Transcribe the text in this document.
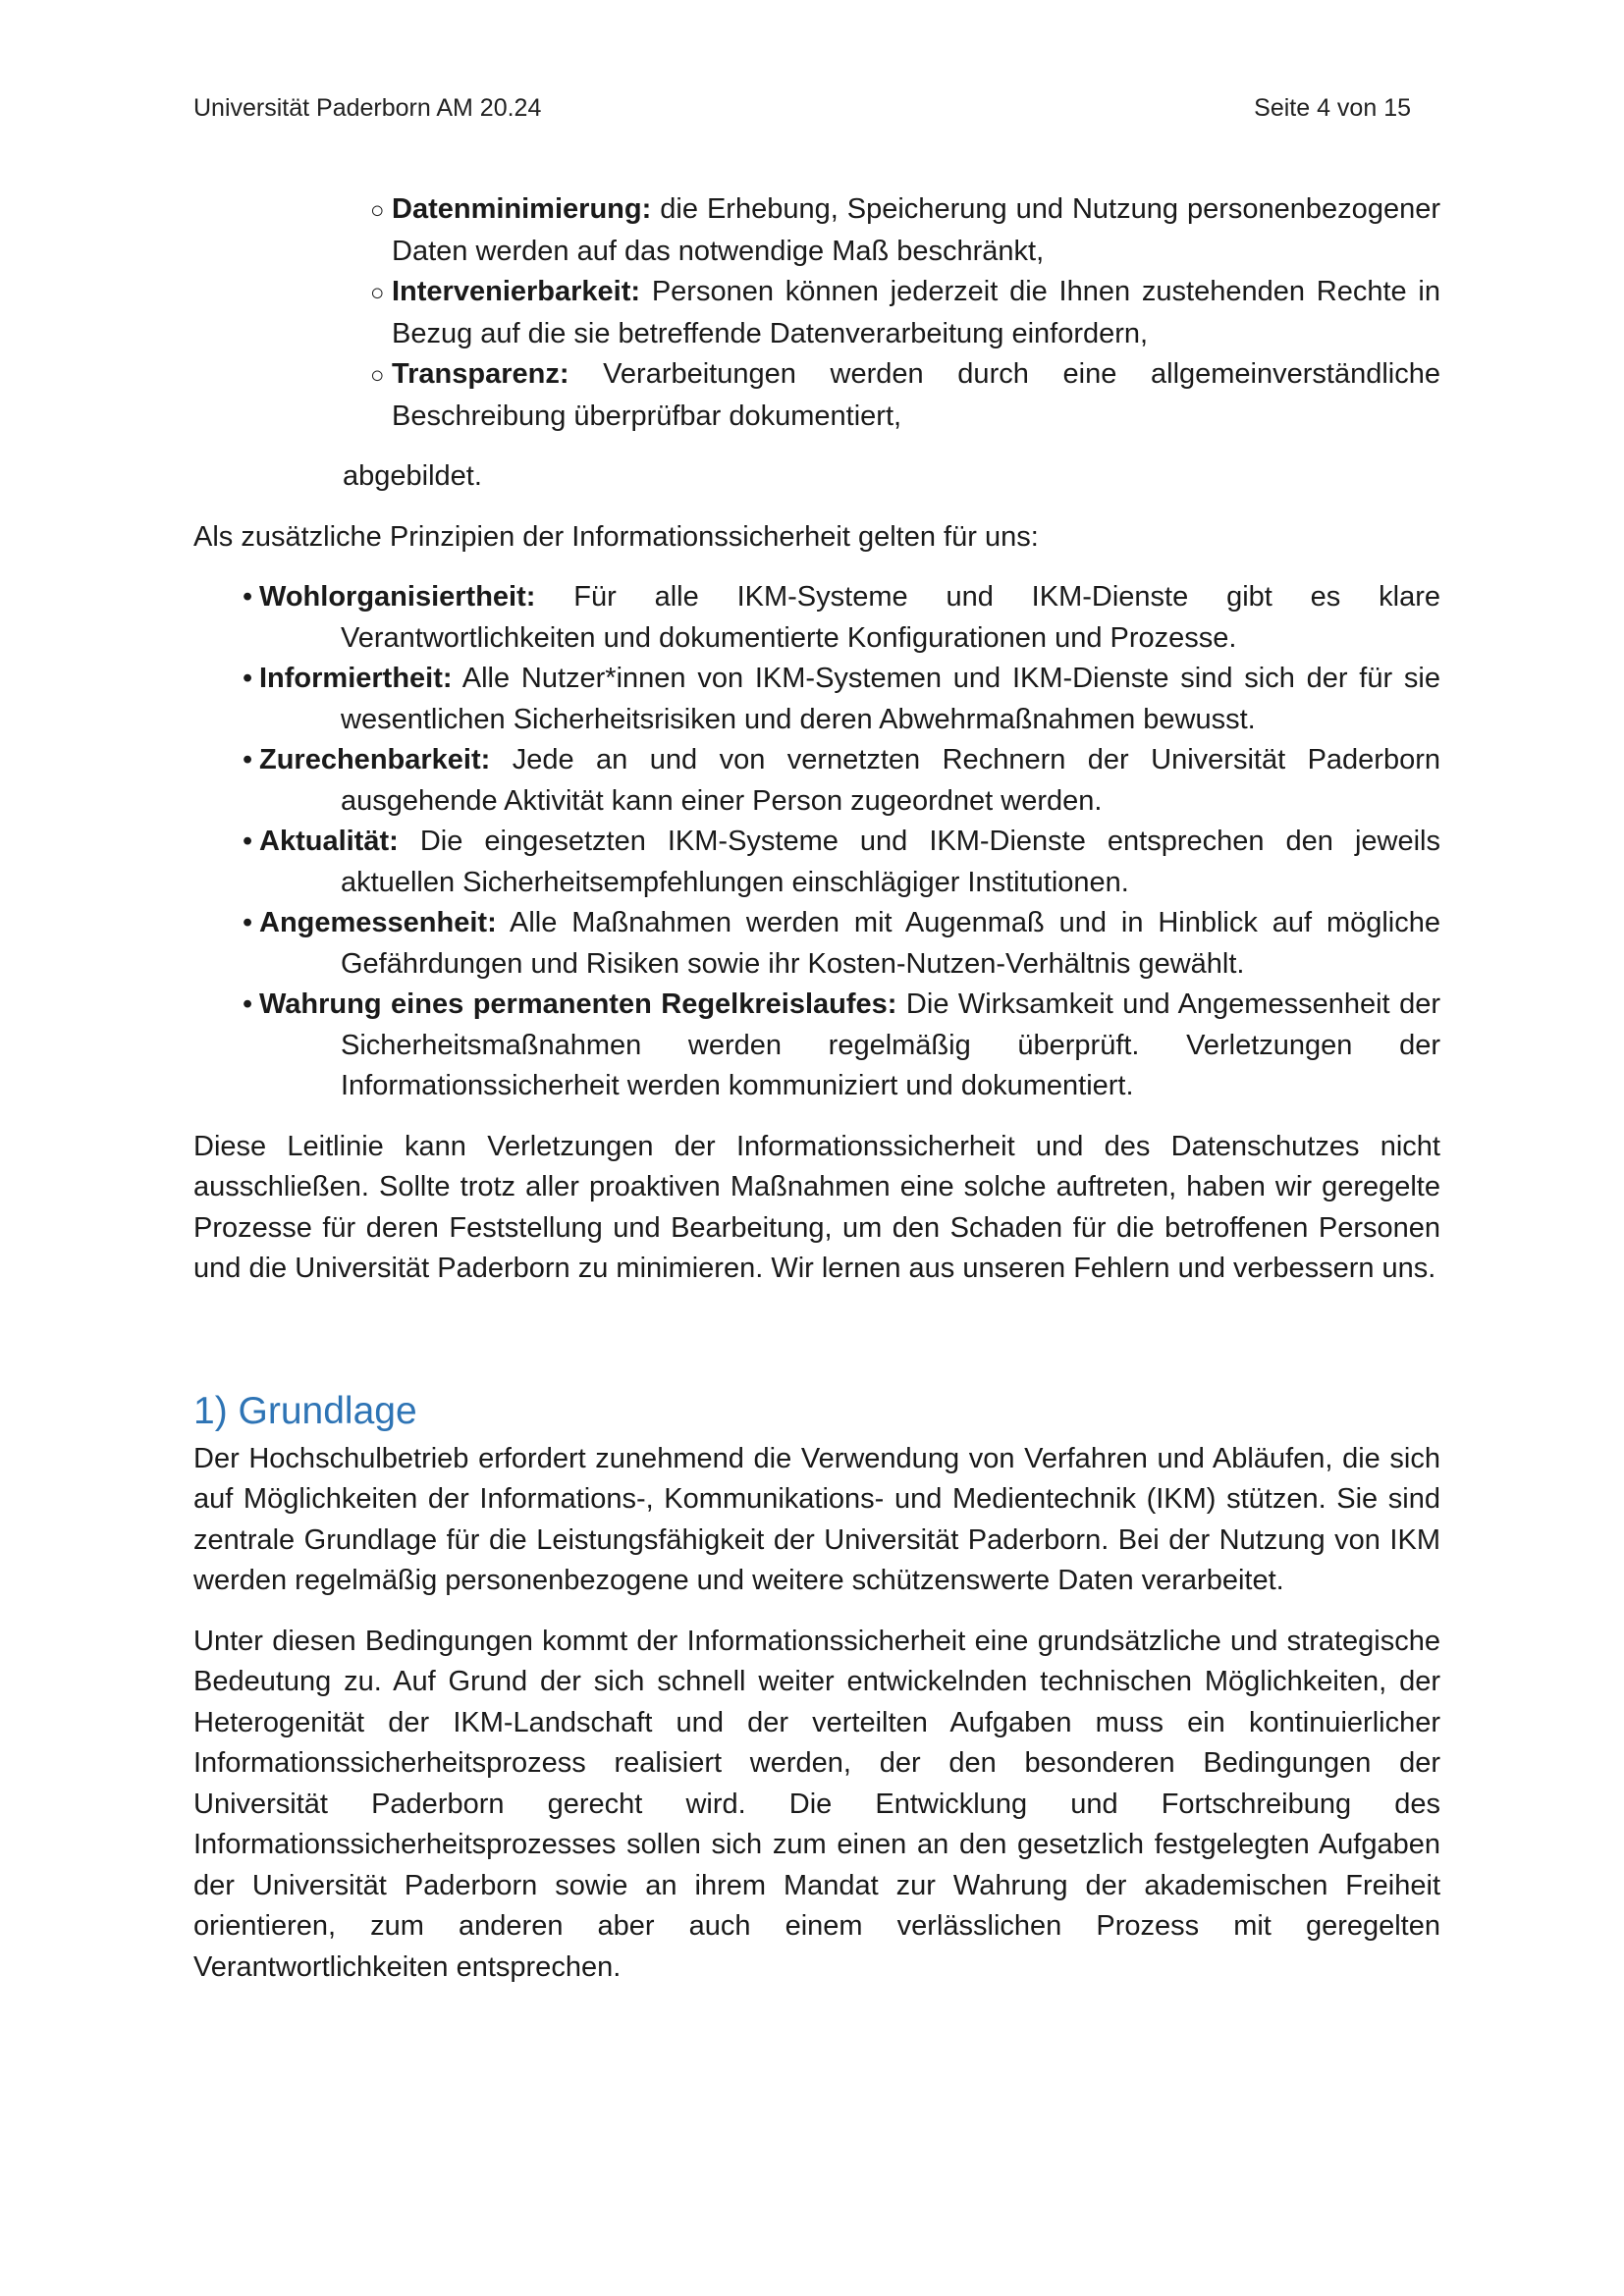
Universität Paderborn AM 20.24	Seite 4 von 15
○ Datenminimierung: die Erhebung, Speicherung und Nutzung personenbezogener Daten werden auf das notwendige Maß beschränkt,
○ Intervenierbarkeit: Personen können jederzeit die Ihnen zustehenden Rechte in Bezug auf die sie betreffende Datenverarbeitung einfordern,
○ Transparenz: Verarbeitungen werden durch eine allgemeinverständliche Beschreibung überprüfbar dokumentiert,
abgebildet.

Als zusätzliche Prinzipien der Informationssicherheit gelten für uns:

• Wohlorganisiertheit: Für alle IKM-Systeme und IKM-Dienste gibt es klare Verantwortlichkeiten und dokumentierte Konfigurationen und Prozesse.
• Informiertheit: Alle Nutzer*innen von IKM-Systemen und IKM-Dienste sind sich der für sie wesentlichen Sicherheitsrisiken und deren Abwehrmaßnahmen bewusst.
• Zurechenbarkeit: Jede an und von vernetzten Rechnern der Universität Paderborn ausgehende Aktivität kann einer Person zugeordnet werden.
• Aktualität: Die eingesetzten IKM-Systeme und IKM-Dienste entsprechen den jeweils aktuellen Sicherheitsempfehlungen einschlägiger Institutionen.
• Angemessenheit: Alle Maßnahmen werden mit Augenmaß und in Hinblick auf mögliche Gefährdungen und Risiken sowie ihr Kosten-Nutzen-Verhältnis gewählt.
• Wahrung eines permanenten Regelkreislaufes: Die Wirksamkeit und Angemessenheit der Sicherheitsmaßnahmen werden regelmäßig überprüft. Verletzungen der Informationssicherheit werden kommuniziert und dokumentiert.

Diese Leitlinie kann Verletzungen der Informationssicherheit und des Datenschutzes nicht ausschließen. Sollte trotz aller proaktiven Maßnahmen eine solche auftreten, haben wir geregelte Prozesse für deren Feststellung und Bearbeitung, um den Schaden für die betroffenen Personen und die Universität Paderborn zu minimieren. Wir lernen aus unseren Fehlern und verbessern uns.

1) Grundlage

Der Hochschulbetrieb erfordert zunehmend die Verwendung von Verfahren und Abläufen, die sich auf Möglichkeiten der Informations-, Kommunikations- und Medientechnik (IKM) stützen. Sie sind zentrale Grundlage für die Leistungsfähigkeit der Universität Paderborn. Bei der Nutzung von IKM werden regelmäßig personenbezogene und weitere schützenswerte Daten verarbeitet.

Unter diesen Bedingungen kommt der Informationssicherheit eine grundsätzliche und strategische Bedeutung zu. Auf Grund der sich schnell weiter entwickelnden technischen Möglichkeiten, der Heterogenität der IKM-Landschaft und der verteilten Aufgaben muss ein kontinuierlicher Informationssicherheitsprozess realisiert werden, der den besonderen Bedingungen der Universität Paderborn gerecht wird. Die Entwicklung und Fortschreibung des Informationssicherheitsprozesses sollen sich zum einen an den gesetzlich festgelegten Aufgaben der Universität Paderborn sowie an ihrem Mandat zur Wahrung der akademischen Freiheit orientieren, zum anderen aber auch einem verlässlichen Prozess mit geregelten Verantwortlichkeiten entsprechen.
